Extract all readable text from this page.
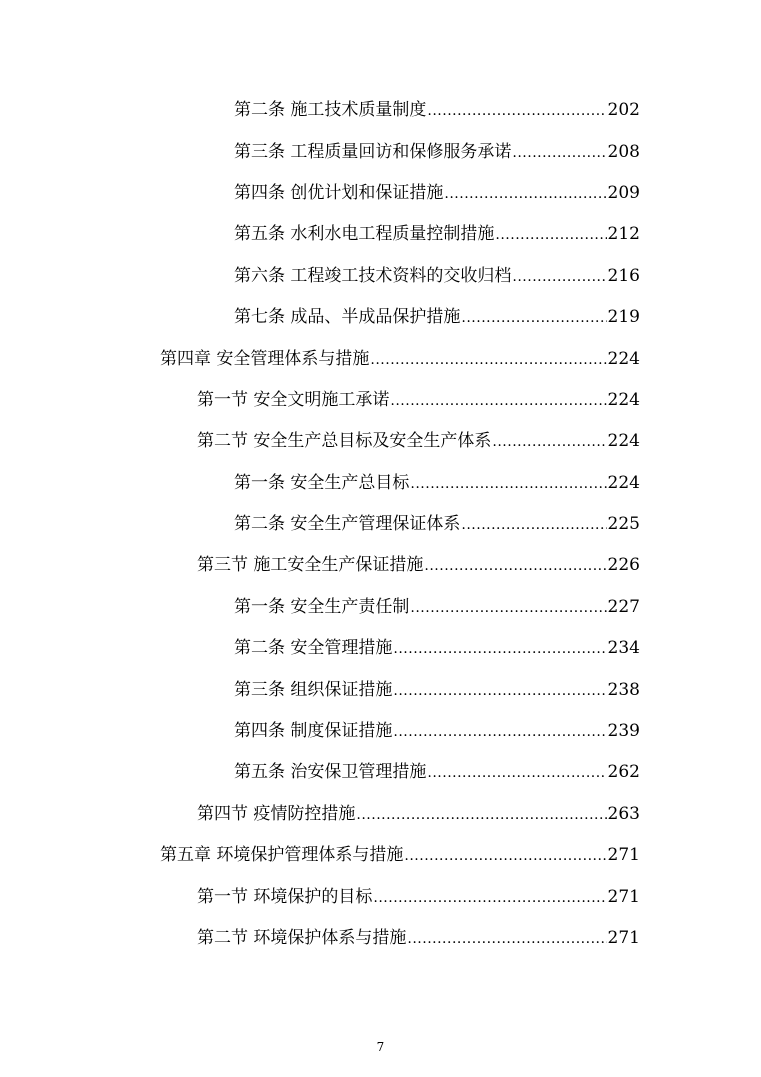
第二条 施工技术质量制度 .....	202
第三条 工程质量回访和保修服务承诺 .....	208
第四条 创优计划和保证措施 .....	209
第五条 水利水电工程质量控制措施 .....	212
第六条 工程竣工技术资料的交收归档 .....	216
第七条 成品、半成品保护措施 .....	219
第四章 安全管理体系与措施 .....	224
第一节 安全文明施工承诺 .....	224
第二节 安全生产总目标及安全生产体系 .....	224
第一条 安全生产总目标 .....	224
第二条 安全生产管理保证体系 .....	225
第三节 施工安全生产保证措施 .....	226
第一条 安全生产责任制 .....	227
第二条 安全管理措施 .....	234
第三条 组织保证措施 .....	238
第四条 制度保证措施 .....	239
第五条 治安保卫管理措施 .....	262
第四节 疫情防控措施 .....	263
第五章 环境保护管理体系与措施 .....	271
第一节 环境保护的目标 .....	271
第二节 环境保护体系与措施 .....	271
7
